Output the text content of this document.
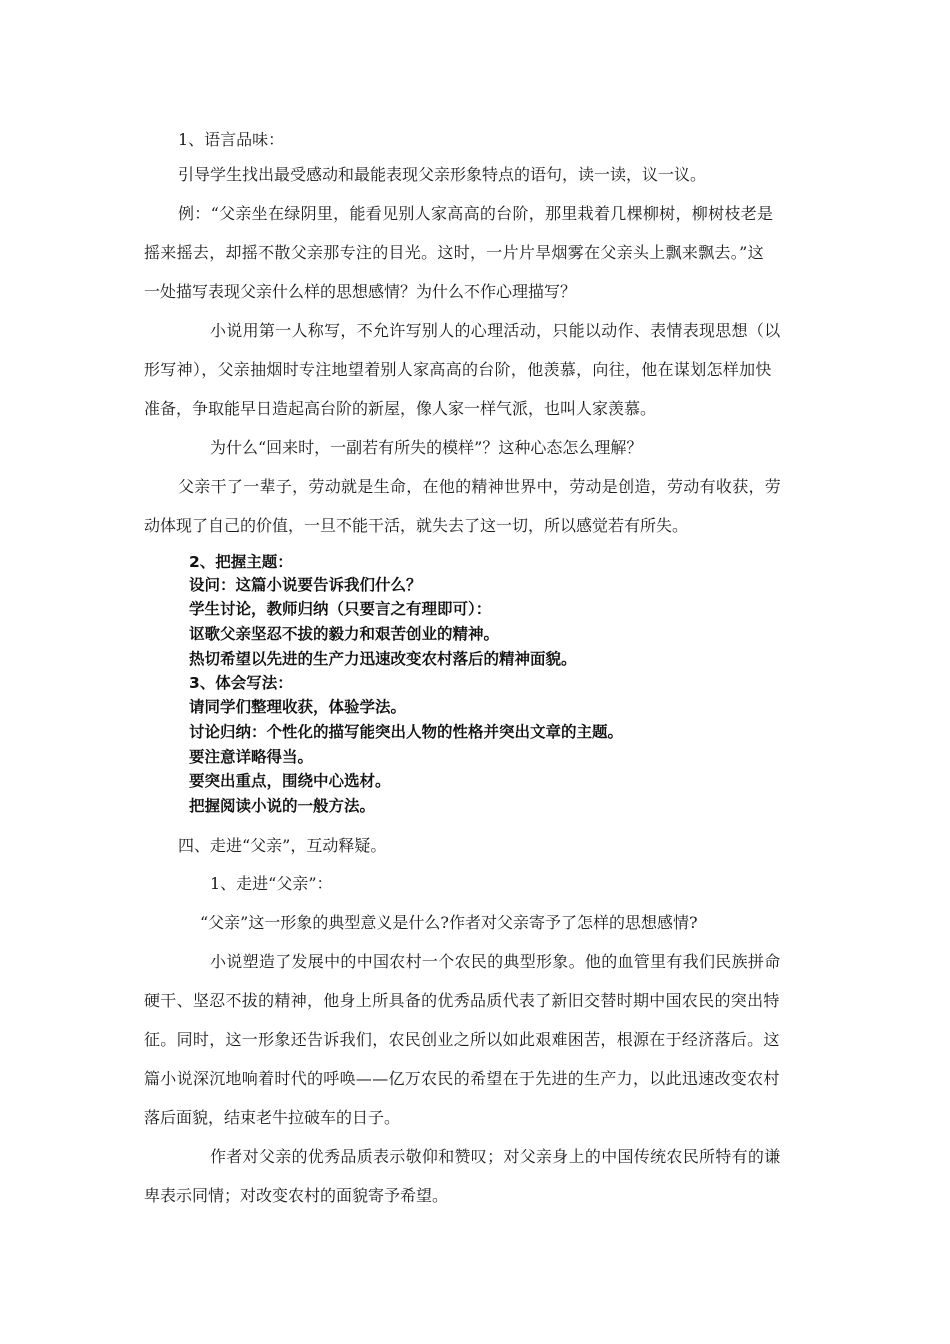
1、语言品味：
引导学生找出最受感动和最能表现父亲形象特点的语句，读一读，议一议。
例：“父亲坐在绿阴里，能看见别人家高高的台阶，那里栽着几棵柳树，柳树枝老是
摇来摇去，却摇不散父亲那专注的目光。这时，一片片旱烟雾在父亲头上飘来飘去。”这
一处描写表现父亲什么样的思想感情？为什么不作心理描写？
小说用第一人称写，不允许写别人的心理活动，只能以动作、表情表现思想（以
形写神），父亲抽烟时专注地望着别人家高高的台阶，他羡慕，向往，他在谋划怎样加快
准备，争取能早日造起高台阶的新屋，像人家一样气派，也叫人家羡慕。
为什么“回来时，一副若有所失的模样”？这种心态怎么理解？
父亲干了一辈子，劳动就是生命，在他的精神世界中，劳动是创造，劳动有收获，劳
动体现了自己的价值，一旦不能干活，就失去了这一切，所以感觉若有所失。
2、把握主题：
设问：这篇小说要告诉我们什么？
学生讨论，教师归纳（只要言之有理即可）：
讴歌父亲坚忍不拔的毅力和艰苦创业的精神。
热切希望以先进的生产力迅速改变农村落后的精神面貌。
3、体会写法：
请同学们整理收获，体验学法。
讨论归纳：个性化的描写能突出人物的性格并突出文章的主题。
要注意详略得当。
要突出重点，围绕中心选材。
把握阅读小说的一般方法。
四、走进“父亲”，互动释疑。
1、走进“父亲”：
“父亲”这一形象的典型意义是什么?作者对父亲寄予了怎样的思想感情?
小说塑造了发展中的中国农村一个农民的典型形象。他的血管里有我们民族拼命
硬干、坚忍不拔的精神，他身上所具备的优秀品质代表了新旧交替时期中国农民的突出特
征。同时，这一形象还告诉我们，农民创业之所以如此艰难困苦，根源在于经济落后。这
篇小说深沉地响着时代的呼唤——亿万农民的希望在于先进的生产力，以此迅速改变农村
落后面貌，结束老牛拉破车的日子。
作者对父亲的优秀品质表示敬仰和赞叹；对父亲身上的中国传统农民所特有的谦
卑表示同情；对改变农村的面貌寄予希望。
